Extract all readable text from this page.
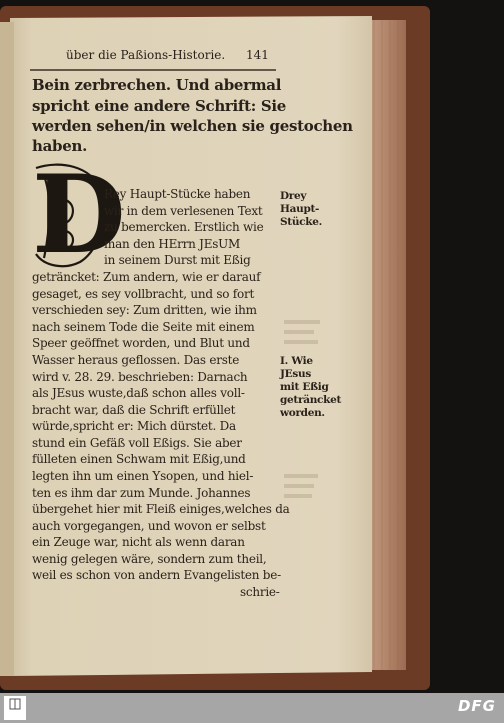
über die Paßions-Historie. 141
Bein zerbrechen. Und abermal
spricht eine andere Schrift: Sie
werden sehen/in welchen sie gestochen
haben.
D
Rey Haupt-Stücke haben
wir in dem verlesenen Text
zu bemercken. Erstlich wie
man den HErrn JEsUM
in seinem Durst mit Eßig
geträncket: Zum andern, wie er darauf
gesaget, es sey vollbracht, und so fort
verschieden sey: Zum dritten, wie ihm
nach seinem Tode die Seite mit einem
Speer geöffnet worden, und Blut und
Wasser heraus geflossen. Das erste
wird v. 28. 29. beschrieben: Darnach
als JEsus wuste,daß schon alles voll-
bracht war, daß die Schrift erfüllet
würde,spricht er: Mich dürstet. Da
stund ein Gefäß voll Eßigs. Sie aber
fülleten einen Schwam mit Eßig,und
legten ihn um einen Ysopen, und hiel-
ten es ihm dar zum Munde. Johannes
übergehet hier mit Fleiß einiges,welches da
auch vorgegangen, und wovon er selbst
ein Zeuge war, nicht als wenn daran
wenig gelegen wäre, sondern zum theil,
weil es schon von andern Evangelisten be-
schrie-
Drey
Haupt-
Stücke.
I. Wie
JEsus
mit Eßig
geträncket
worden.
DFG
